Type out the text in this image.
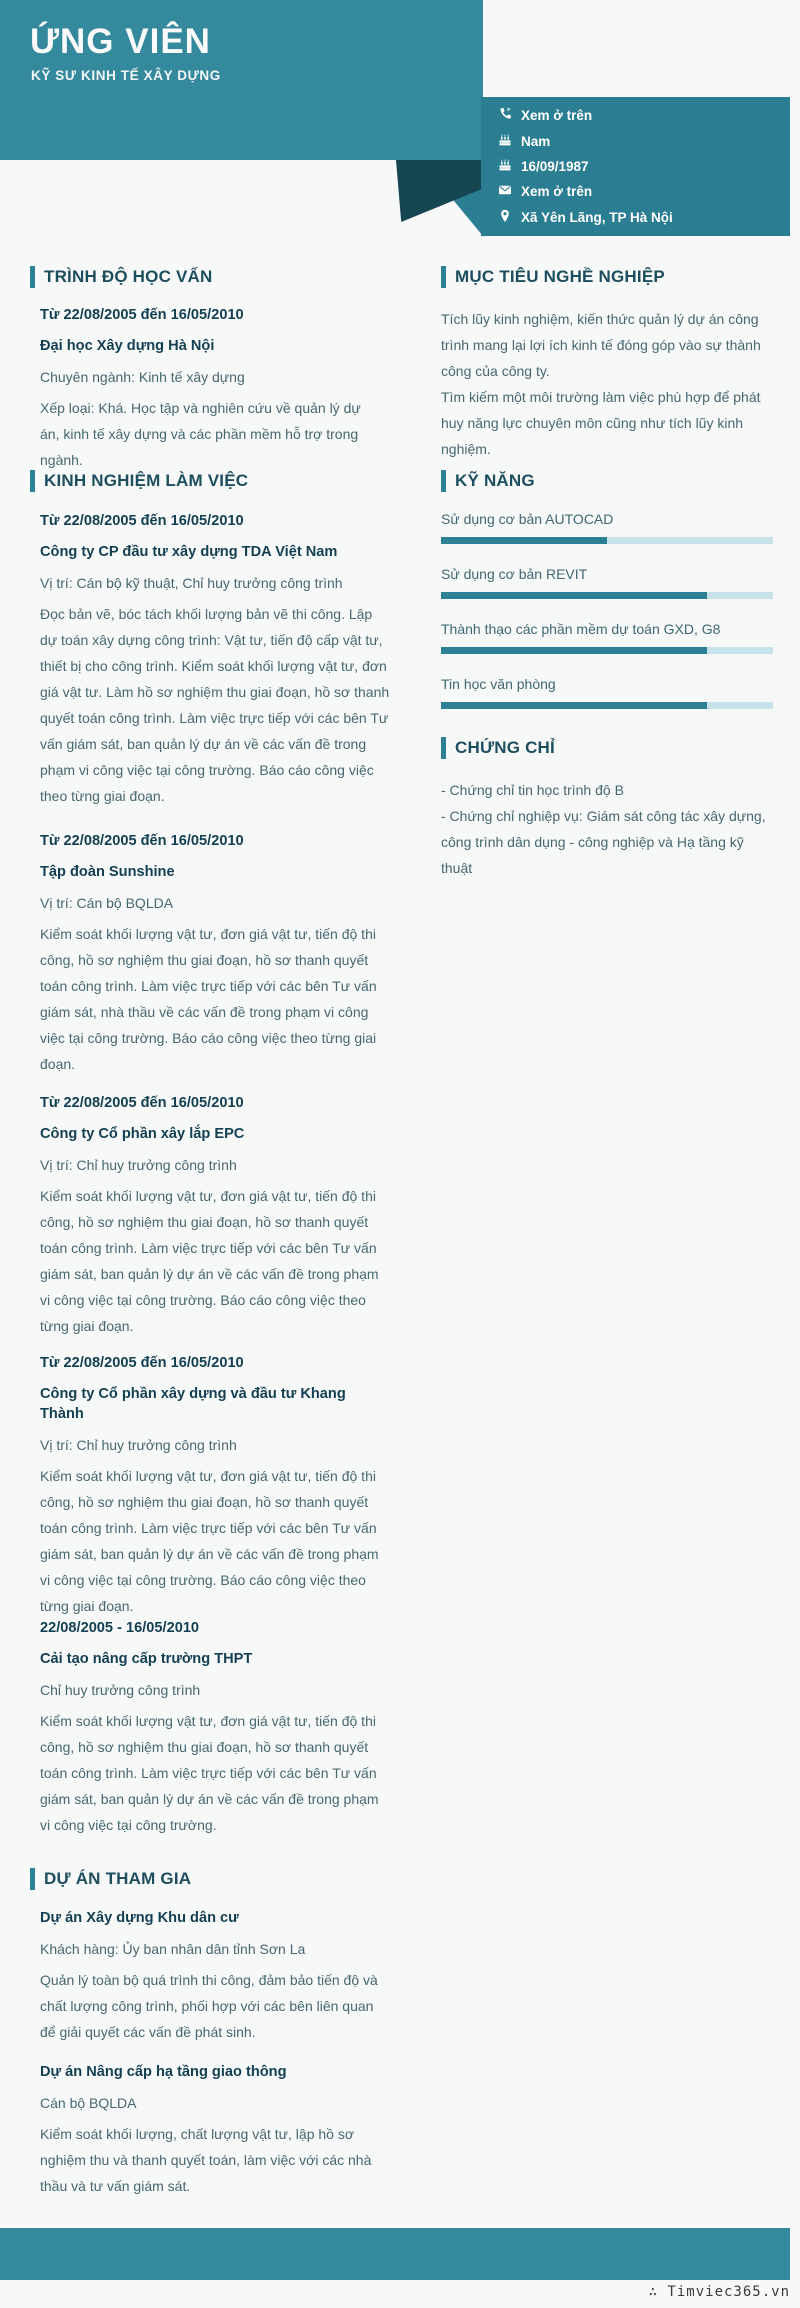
ỨNG VIÊN
KỸ SƯ KINH TẾ XÂY DỰNG
Xem ở trên
Nam
16/09/1987
Xem ở trên
Xã Yên Lãng, TP Hà Nội
TRÌNH ĐỘ HỌC VẤN
Từ 22/08/2005 đến 16/05/2010
Đại học Xây dựng Hà Nội
Chuyên ngành: Kinh tế xây dựng
Xếp loại: Khá. Học tập và nghiên cứu về quản lý dự án, kinh tế xây dựng và các phần mềm hỗ trợ trong ngành.
KINH NGHIỆM LÀM VIỆC
Từ 22/08/2005 đến 16/05/2010
Công ty CP đầu tư xây dựng TDA Việt Nam
Vị trí: Cán bộ kỹ thuật, Chỉ huy trưởng công trình
Đọc bản vẽ, bóc tách khối lượng bản vẽ thi công. Lập dự toán xây dựng công trình: Vật tư, tiến độ cấp vật tư, thiết bị cho công trình. Kiểm soát khối lượng vật tư, đơn giá vật tư. Làm hồ sơ nghiệm thu giai đoạn, hồ sơ thanh quyết toán công trình. Làm việc trực tiếp với các bên Tư vấn giám sát, ban quản lý dự án về các vấn đề trong phạm vi công việc tại công trường. Báo cáo công việc theo từng giai đoạn.
Từ 22/08/2005 đến 16/05/2010
Tập đoàn Sunshine
Vị trí: Cán bộ BQLDA
Kiểm soát khối lượng vật tư, đơn giá vật tư, tiến độ thi công, hồ sơ nghiệm thu giai đoạn, hồ sơ thanh quyết toán công trình. Làm việc trực tiếp với các bên Tư vấn giám sát, nhà thầu về các vấn đề trong phạm vi công việc tại công trường. Báo cáo công việc theo từng giai đoạn.
Từ 22/08/2005 đến 16/05/2010
Công ty Cổ phần xây lắp EPC
Vị trí: Chỉ huy trưởng công trình
Kiểm soát khối lượng vật tư, đơn giá vật tư, tiến độ thi công, hồ sơ nghiệm thu giai đoạn, hồ sơ thanh quyết toán công trình. Làm việc trực tiếp với các bên Tư vấn giám sát, ban quản lý dự án về các vấn đề trong phạm vi công việc tại công trường. Báo cáo công việc theo từng giai đoạn.
Từ 22/08/2005 đến 16/05/2010
Công ty Cổ phần xây dựng và đầu tư Khang Thành
Vị trí: Chỉ huy trưởng công trình
Kiểm soát khối lượng vật tư, đơn giá vật tư, tiến độ thi công, hồ sơ nghiệm thu giai đoạn, hồ sơ thanh quyết toán công trình. Làm việc trực tiếp với các bên Tư vấn giám sát, ban quản lý dự án về các vấn đề trong phạm vi công việc tại công trường. Báo cáo công việc theo từng giai đoạn.
22/08/2005 - 16/05/2010
Cải tạo nâng cấp trường THPT
Chỉ huy trưởng công trình
Kiểm soát khối lượng vật tư, đơn giá vật tư, tiến độ thi công, hồ sơ nghiệm thu giai đoạn, hồ sơ thanh quyết toán công trình. Làm việc trực tiếp với các bên Tư vấn giám sát, ban quản lý dự án về các vấn đề trong phạm vi công việc tại công trường.
DỰ ÁN THAM GIA
Dự án Xây dựng Khu dân cư
Khách hàng: Ủy ban nhân dân tỉnh Sơn La
Quản lý toàn bộ quá trình thi công, đảm bảo tiến độ và chất lượng công trình, phối hợp với các bên liên quan để giải quyết các vấn đề phát sinh.
Dự án Nâng cấp hạ tầng giao thông
Cán bộ BQLDA
Kiểm soát khối lượng, chất lượng vật tư, lập hồ sơ nghiệm thu và thanh quyết toán, làm việc với các nhà thầu và tư vấn giám sát.
MỤC TIÊU NGHỀ NGHIỆP
Tích lũy kinh nghiệm, kiến thức quản lý dự án công trình mang lại lợi ích kinh tế đóng góp vào sự thành công của công ty.
Tìm kiếm một môi trường làm việc phù hợp để phát huy năng lực chuyên môn cũng như tích lũy kinh nghiệm.
KỸ NĂNG
Sử dụng cơ bản AUTOCAD
Sử dụng cơ bản REVIT
Thành thạo các phần mềm dự toán GXD, G8
Tin học văn phòng
CHỨNG CHỈ
- Chứng chỉ tin học trình độ B
- Chứng chỉ nghiệp vụ: Giám sát công tác xây dựng, công trình dân dụng - công nghiệp và Hạ tầng kỹ thuật
∴ Timviec365.vn
